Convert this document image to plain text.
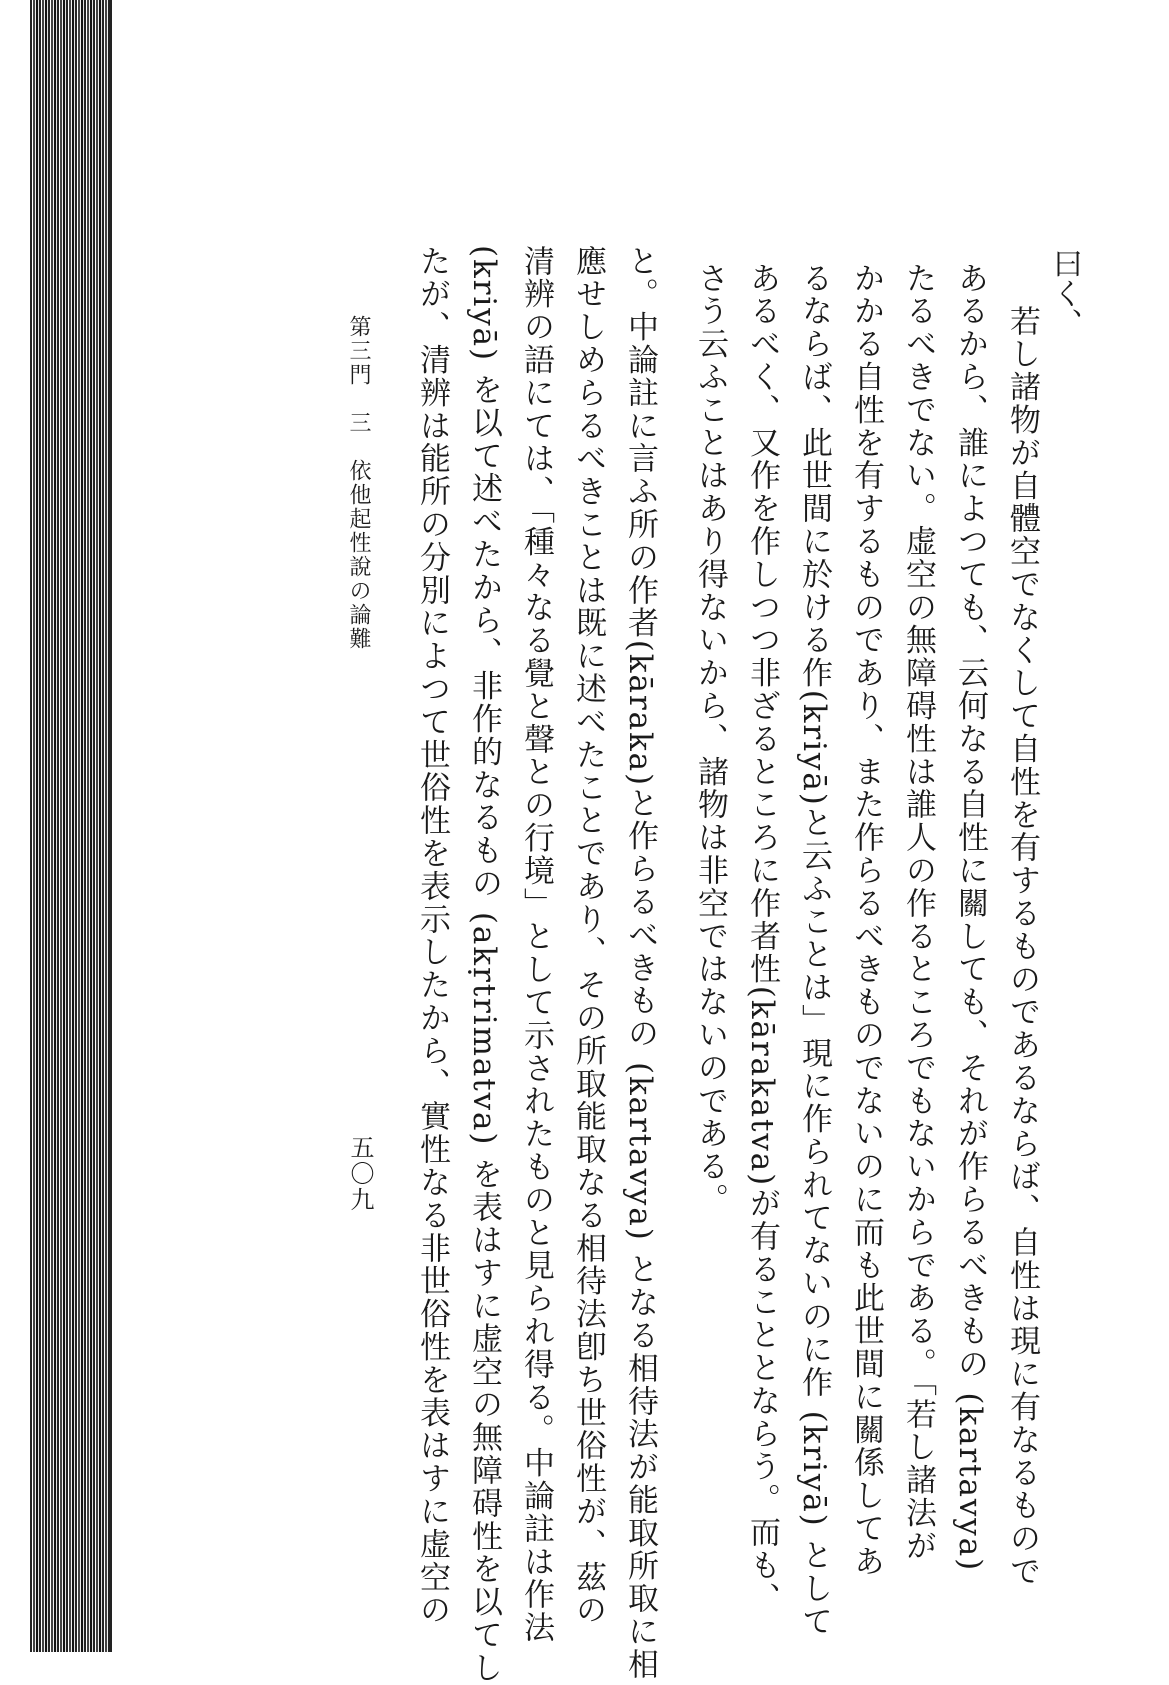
曰く、
若し諸物が自體空でなくして自性を有するものであるならば、自性は現に有なるもので
あるから、誰によつても、云何なる自性に關しても、それが作らるべきもの (kartavya)
たるべきでない。虚空の無障碍性は誰人の作るところでもないからである。「若し諸法が
かかる自性を有するものであり、また作らるべきものでないのに而も此世間に關係してあ
るならば、此世間に於ける作(kriyā)と云ふことは」現に作られてないのに作 (kriyā) として
あるべく、又作を作しつつ非ざるところに作者性(kārakatva)が有ることとならう。而も、
さう云ふことはあり得ないから、諸物は非空ではないのである。
と。中論註に言ふ所の作者(kāraka)と作らるべきもの (kartavya) となる相待法が能取所取に相
應せしめらるべきことは既に述べたことであり、その所取能取なる相待法卽ち世俗性が、茲の
清辨の語にては、「種々なる覺と聲との行境」として示されたものと見られ得る。中論註は作法
(kriyā) を以て述べたから、非作的なるもの (akṛtrimatva) を表はすに虚空の無障碍性を以てし
たが、清辨は能所の分別によつて世俗性を表示したから、實性なる非世俗性を表はすに虚空の
第三門　三　依他起性說の論難
五〇九
